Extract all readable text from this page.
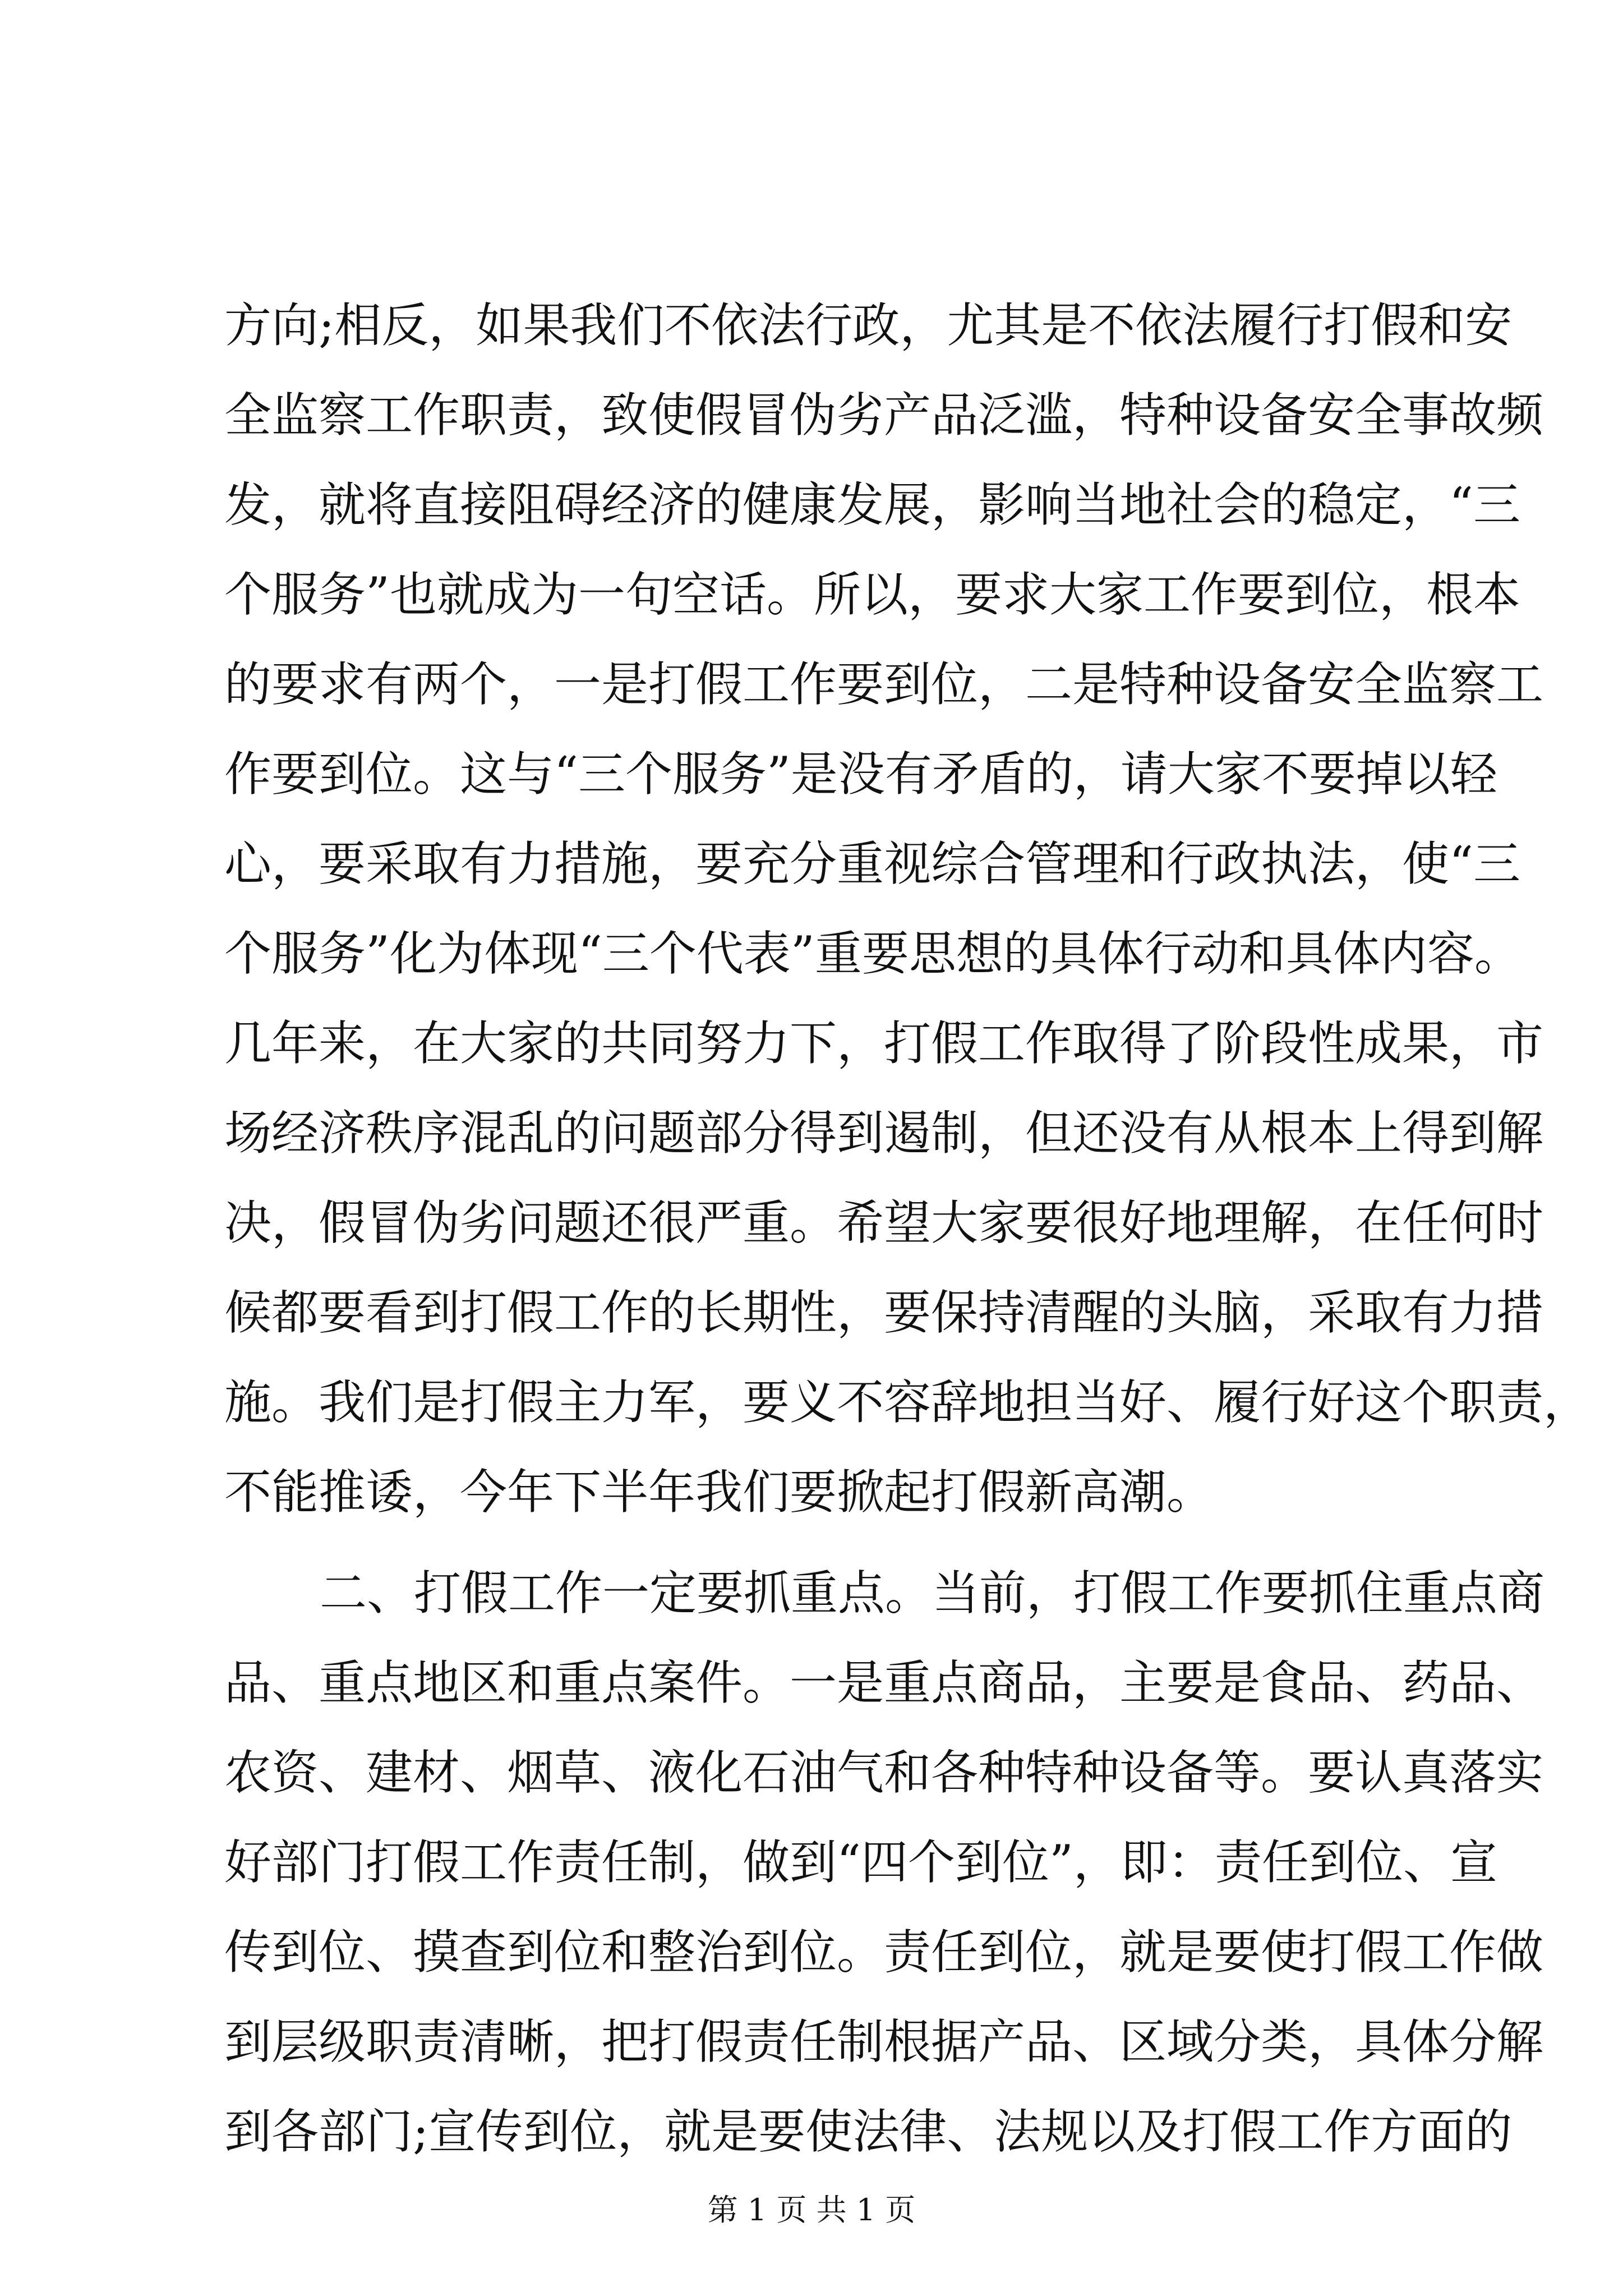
方向;相反，如果我们不依法行政，尤其是不依法履行打假和安
全监察工作职责，致使假冒伪劣产品泛滥，特种设备安全事故频
发，就将直接阻碍经济的健康发展，影响当地社会的稳定，“三
个服务”也就成为一句空话。所以，要求大家工作要到位，根本
的要求有两个，一是打假工作要到位，二是特种设备安全监察工
作要到位。这与“三个服务”是没有矛盾的，请大家不要掉以轻
心，要采取有力措施，要充分重视综合管理和行政执法，使“三
个服务”化为体现“三个代表”重要思想的具体行动和具体内容。
几年来，在大家的共同努力下，打假工作取得了阶段性成果，市
场经济秩序混乱的问题部分得到遏制，但还没有从根本上得到解
决，假冒伪劣问题还很严重。希望大家要很好地理解，在任何时
候都要看到打假工作的长期性，要保持清醒的头脑，采取有力措
施。我们是打假主力军，要义不容辞地担当好、履行好这个职责，
不能推诿，今年下半年我们要掀起打假新高潮。
二、打假工作一定要抓重点。当前，打假工作要抓住重点商
品、重点地区和重点案件。一是重点商品，主要是食品、药品、
农资、建材、烟草、液化石油气和各种特种设备等。要认真落实
好部门打假工作责任制，做到“四个到位”，即：责任到位、宣
传到位、摸查到位和整治到位。责任到位，就是要使打假工作做
到层级职责清晰，把打假责任制根据产品、区域分类，具体分解
到各部门;宣传到位，就是要使法律、法规以及打假工作方面的
第 1 页 共 1 页
